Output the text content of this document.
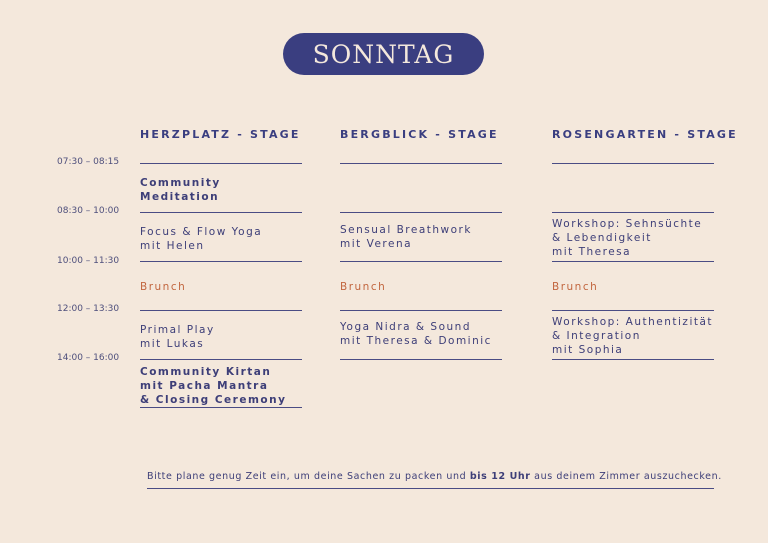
SONNTAG
HERZPLATZ - STAGE	BERGBLICK - STAGE	ROSENGARTEN - STAGE
07:30 – 08:15
08:30 – 10:00
10:00 – 11:30
12:00 – 13:30
14:00 – 16:00
Community
Meditation
Focus & Flow Yoga
mit Helen
Brunch
Primal Play
mit Lukas
Community Kirtan
mit Pacha Mantra
& Closing Ceremony
Sensual Breathwork
mit Verena
Brunch
Yoga Nidra & Sound
mit Theresa & Dominic
Workshop: Sehnsüchte
& Lebendigkeit
mit Theresa
Brunch
Workshop: Authentizität
& Integration
mit Sophia
Bitte plane genug Zeit ein, um deine Sachen zu packen und bis 12 Uhr aus deinem Zimmer auszuchecken.
